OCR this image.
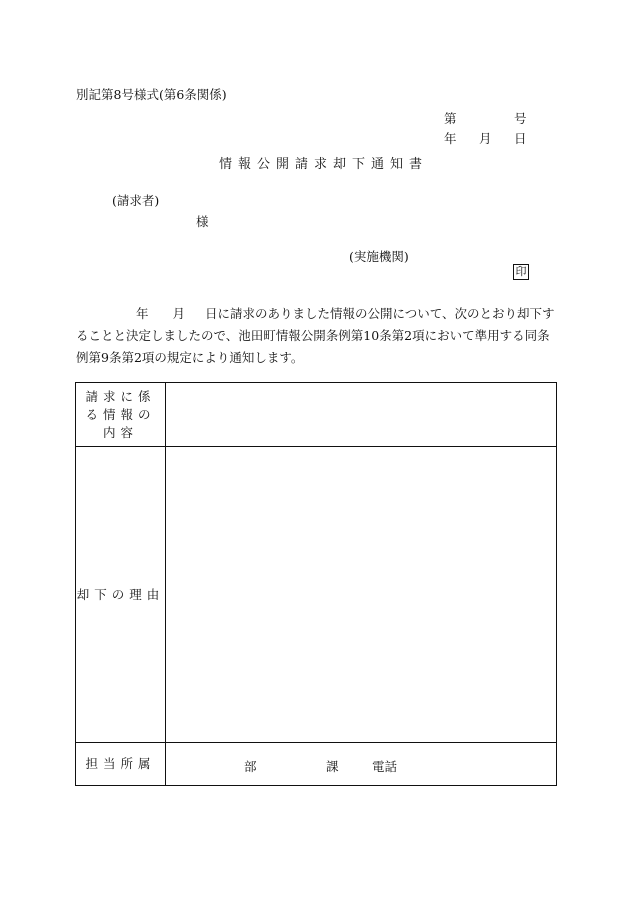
別記第8号様式(第6条関係)
第	号
年 月 日
情報公開請求却下通知書
(請求者)
様
(実施機関)
印
年 月 日に請求のありました情報の公開について、次のとおり却下することと決定しましたので、池田町情報公開条例第10条第2項において準用する同条例第9条第2項の規定により通知します。
請求に係る情報の内容	
却下の理由	
担当所属	部 課 電話
